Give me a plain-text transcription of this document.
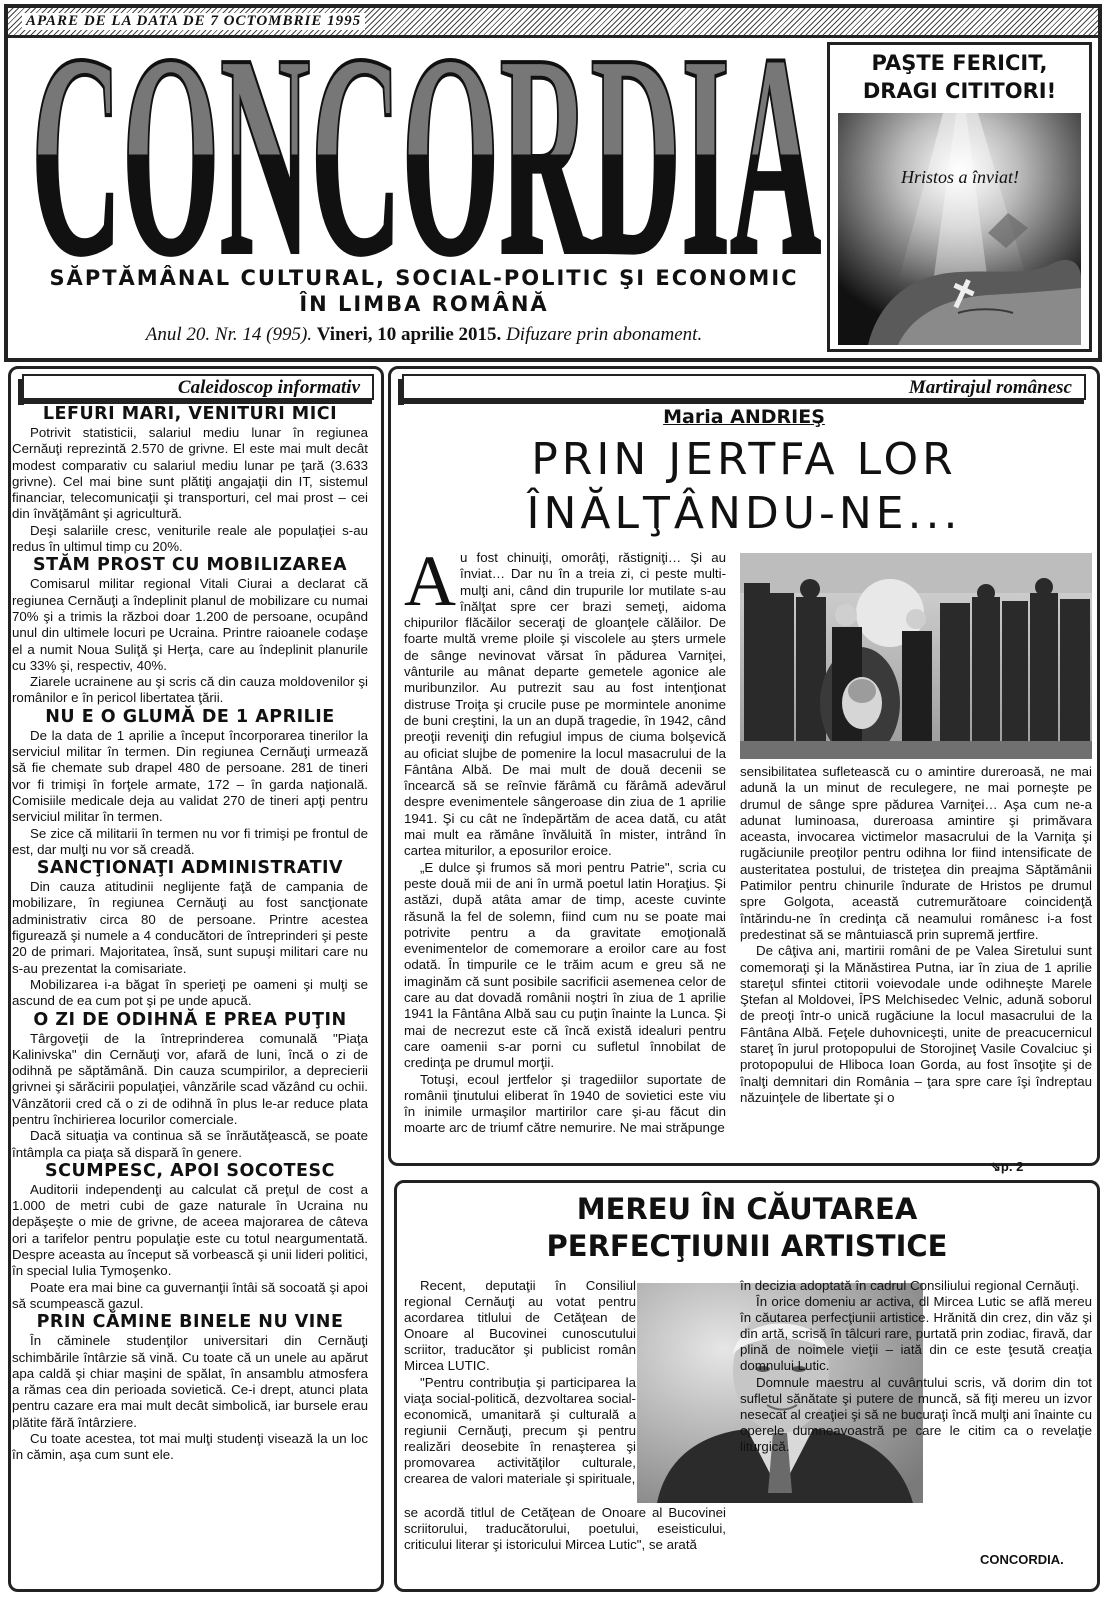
APARE DE LA DATA DE 7 OCTOMBRIE 1995
CONCORDIA
SĂPTĂMÂNAL CULTURAL, SOCIAL-POLITIC ŞI ECONOMIC
ÎN LIMBA ROMÂNĂ
Anul 20. Nr. 14 (995). Vineri, 10 aprilie 2015. Difuzare prin abonament.
PAŞTE FERICIT,
DRAGI CITITORI!
Hristos a înviat!
Caleidoscop informativ
LEFURI MARI, VENITURI MICI

Potrivit statisticii, salariul mediu lunar în regiunea Cernăuţi reprezintă 2.570 de grivne. El este mai mult decât modest comparativ cu salariul mediu lunar pe ţară (3.633 grivne). Cel mai bine sunt plătiţi angajaţii din IT, sistemul financiar, telecomunicaţii şi transporturi, cel mai prost – cei din învăţământ şi agricultură.

Deşi salariile cresc, veniturile reale ale populaţiei s-au redus în ultimul timp cu 20%.

STĂM PROST CU MOBILIZAREA

Comisarul militar regional Vitali Ciurai a declarat că regiunea Cernăuţi a îndeplinit planul de mobilizare cu numai 70% şi a trimis la război doar 1.200 de persoane, ocupând unul din ultimele locuri pe Ucraina. Printre raioanele codaşe el a numit Noua Suliţă şi Herţa, care au îndeplinit planurile cu 33% şi, respectiv, 40%.

Ziarele ucrainene au şi scris că din cauza moldovenilor şi românilor e în pericol libertatea ţării.

NU E O GLUMĂ DE 1 APRILIE

De la data de 1 aprilie a început încorporarea tinerilor la serviciul militar în termen. Din regiunea Cernăuţi urmează să fie chemate sub drapel 480 de persoane. 281 de tineri vor fi trimişi în forţele armate, 172 – în garda naţională. Comisiile medicale deja au validat 270 de tineri apţi pentru serviciul militar în termen.

Se zice că militarii în termen nu vor fi trimişi pe frontul de est, dar mulţi nu vor să creadă.

SANCŢIONAŢI ADMINISTRATIV

Din cauza atitudinii neglijente faţă de campania de mobilizare, în regiunea Cernăuţi au fost sancţionate administrativ circa 80 de persoane. Printre acestea figurează şi numele a 4 conducători de întreprinderi şi peste 20 de primari. Majoritatea, însă, sunt supuşi militari care nu s-au prezentat la comisariate.

Mobilizarea i-a băgat în sperieţi pe oameni şi mulţi se ascund de ea cum pot şi pe unde apucă.

O ZI DE ODIHNĂ E PREA PUŢIN

Târgoveţii de la întreprinderea comunală "Piaţa Kalinivska" din Cernăuţi vor, afară de luni, încă o zi de odihnă pe săptămână. Din cauza scumpirilor, a deprecierii grivnei şi sărăcirii populaţiei, vânzările scad văzând cu ochii. Vânzătorii cred că o zi de odihnă în plus le-ar reduce plata pentru închirierea locurilor comerciale.

Dacă situaţia va continua să se înrăutăţească, se poate întâmpla ca piaţa să dispară în genere.

SCUMPESC, APOI SOCOTESC

Auditorii independenţi au calculat că preţul de cost a 1.000 de metri cubi de gaze naturale în Ucraina nu depăşeşte o mie de grivne, de aceea majorarea de câteva ori a tarifelor pentru populaţie este cu totul neargumentată. Despre aceasta au început să vorbească şi unii lideri politici, în special Iulia Tymoşenko.

Poate era mai bine ca guvernanţii întâi să socoată şi apoi să scumpească gazul.

PRIN CĂMINE BINELE NU VINE

În căminele studenţilor universitari din Cernăuţi schimbările întârzie să vină. Cu toate că un unele au apărut apa caldă şi chiar maşini de spălat, în ansamblu atmosfera a rămas cea din perioada sovietică. Ce-i drept, atunci plata pentru cazare era mai mult decât simbolică, iar bursele erau plătite fără întârziere.

Cu toate acestea, tot mai mulţi studenţi visează la un loc în cămin, aşa cum sunt ele.

Martirajul românesc
Maria ANDRIEŞ
PRIN JERTFA LOR
ÎNĂLŢÂNDU-NE...

Au fost chinuiţi, omorâţi, răstigniţi… Şi au înviat… Dar nu în a treia zi, ci peste multi-mulţi ani, când din trupurile lor mutilate s-au înălţat spre cer brazi semeţi, aidoma chipurilor flăcăilor seceraţi de gloanţele călăilor. De foarte multă vreme ploile şi viscolele au şters urmele de sânge nevinovat vărsat în pădurea Varniţei, vânturile au mânat departe gemetele agonice ale muribunzilor. Au putrezit sau au fost intenţionat distruse Troiţa şi crucile puse pe mormintele anonime de buni creştini, la un an după tragedie, în 1942, când preoţii reveniţi din refugiul impus de ciuma bolşevică au oficiat slujbe de pomenire la locul masacrului de la Fântâna Albă. De mai mult de două decenii se încearcă să se reînvie fărâmă cu fărâmă adevărul despre evenimentele sângeroase din ziua de 1 aprilie 1941. Şi cu cât ne îndepărtăm de acea dată, cu atât mai mult ea rămâne învăluită în mister, intrând în cartea miturilor, a eposurilor eroice.

„E dulce şi frumos să mori pentru Patrie", scria cu peste două mii de ani în urmă poetul latin Horaţius. Şi astăzi, după atâta amar de timp, aceste cuvinte răsună la fel de solemn, fiind cum nu se poate mai potrivite pentru a da gravitate emoţională evenimentelor de comemorare a eroilor care au fost odată. În timpurile ce le trăim acum e greu să ne imaginăm că sunt posibile sacrificii asemenea celor de care au dat dovadă românii noştri în ziua de 1 aprilie 1941 la Fântâna Albă sau cu puţin înainte la Lunca. Şi mai de necrezut este că încă există idealuri pentru care oamenii s-ar porni cu sufletul înnobilat de credinţa pe drumul morţii.

Totuşi, ecoul jertfelor şi tragediilor suportate de românii ţinutului eliberat în 1940 de sovietici este viu în inimile urmaşilor martirilor care şi-au făcut din moarte arc de triumf către nemurire. Ne mai străpunge

sensibilitatea sufletească cu o amintire dureroasă, ne mai adună la un minut de reculegere, ne mai porneşte pe drumul de sânge spre pădurea Varniţei… Aşa cum ne-a adunat luminoasa, dureroasa amintire şi primăvara aceasta, invocarea victimelor masacrului de la Varniţa şi rugăciunile preoţilor pentru odihna lor fiind intensificate de austeritatea postului, de tristeţea din preajma Săptămânii Patimilor pentru chinurile îndurate de Hristos pe drumul spre Golgota, această cutremurătoare coincidenţă întărindu-ne în credinţa că neamului românesc i-a fost predestinat să se mântuiască prin supremă jertfire.

De câţiva ani, martirii români de pe Valea Siretului sunt comemoraţi şi la Mănăstirea Putna, iar în ziua de 1 aprilie stareţul sfintei ctitorii voievodale unde odihneşte Marele Ştefan al Moldovei, ÎPS Melchisedec Velnic, adună soborul de preoţi într-o unică rugăciune la locul masacrului de la Fântâna Albă. Feţele duhovniceşti, unite de preacucernicul stareţ în jurul protopopului de Storojineţ Vasile Covalciuc şi protopopului de Hliboca Ioan Gorda, au fost însoţite şi de înalţi demnitari din România – ţara spre care îşi îndreptau năzuinţele de libertate şi o

⇘p. 2
MEREU ÎN CĂUTAREA
PERFECŢIUNII ARTISTICE

Recent, deputaţii în Consiliul regional Cernăuţi au votat pentru acordarea titlului de Cetăţean de Onoare al Bucovinei cunoscutului scriitor, traducător şi publicist român Mircea LUTIC.

"Pentru contribuţia şi participarea la viaţa social-politică, dezvoltarea social-economică, umanitară şi culturală a regiunii Cernăuţi, precum şi pentru realizări deosebite în renaşterea şi promovarea activităţilor culturale, crearea de valori materiale şi spirituale,

se acordă titlul de Cetăţean de Onoare al Bucovinei scriitorului, traducătorului, poetului, eseisticului, criticului literar şi istoricului Mircea Lutic", se arată

în decizia adoptată în cadrul Consiliului regional Cernăuţi.

În orice domeniu ar activa, dl Mircea Lutic se află mereu în căutarea perfecţiunii artistice. Hrănită din crez, din văz şi din artă, scrisă în tâlcuri rare, purtată prin zodiac, firavă, dar plină de noimele vieţii – iată din ce este ţesută creaţia domnului Lutic.

Domnule maestru al cuvântului scris, vă dorim din tot sufletul sănătate şi putere de muncă, să fiţi mereu un izvor nesecat al creaţiei şi să ne bucuraţi încă mulţi ani înainte cu operele dumneavoastră pe care le citim ca o revelaţie liturgică.

CONCORDIA.
